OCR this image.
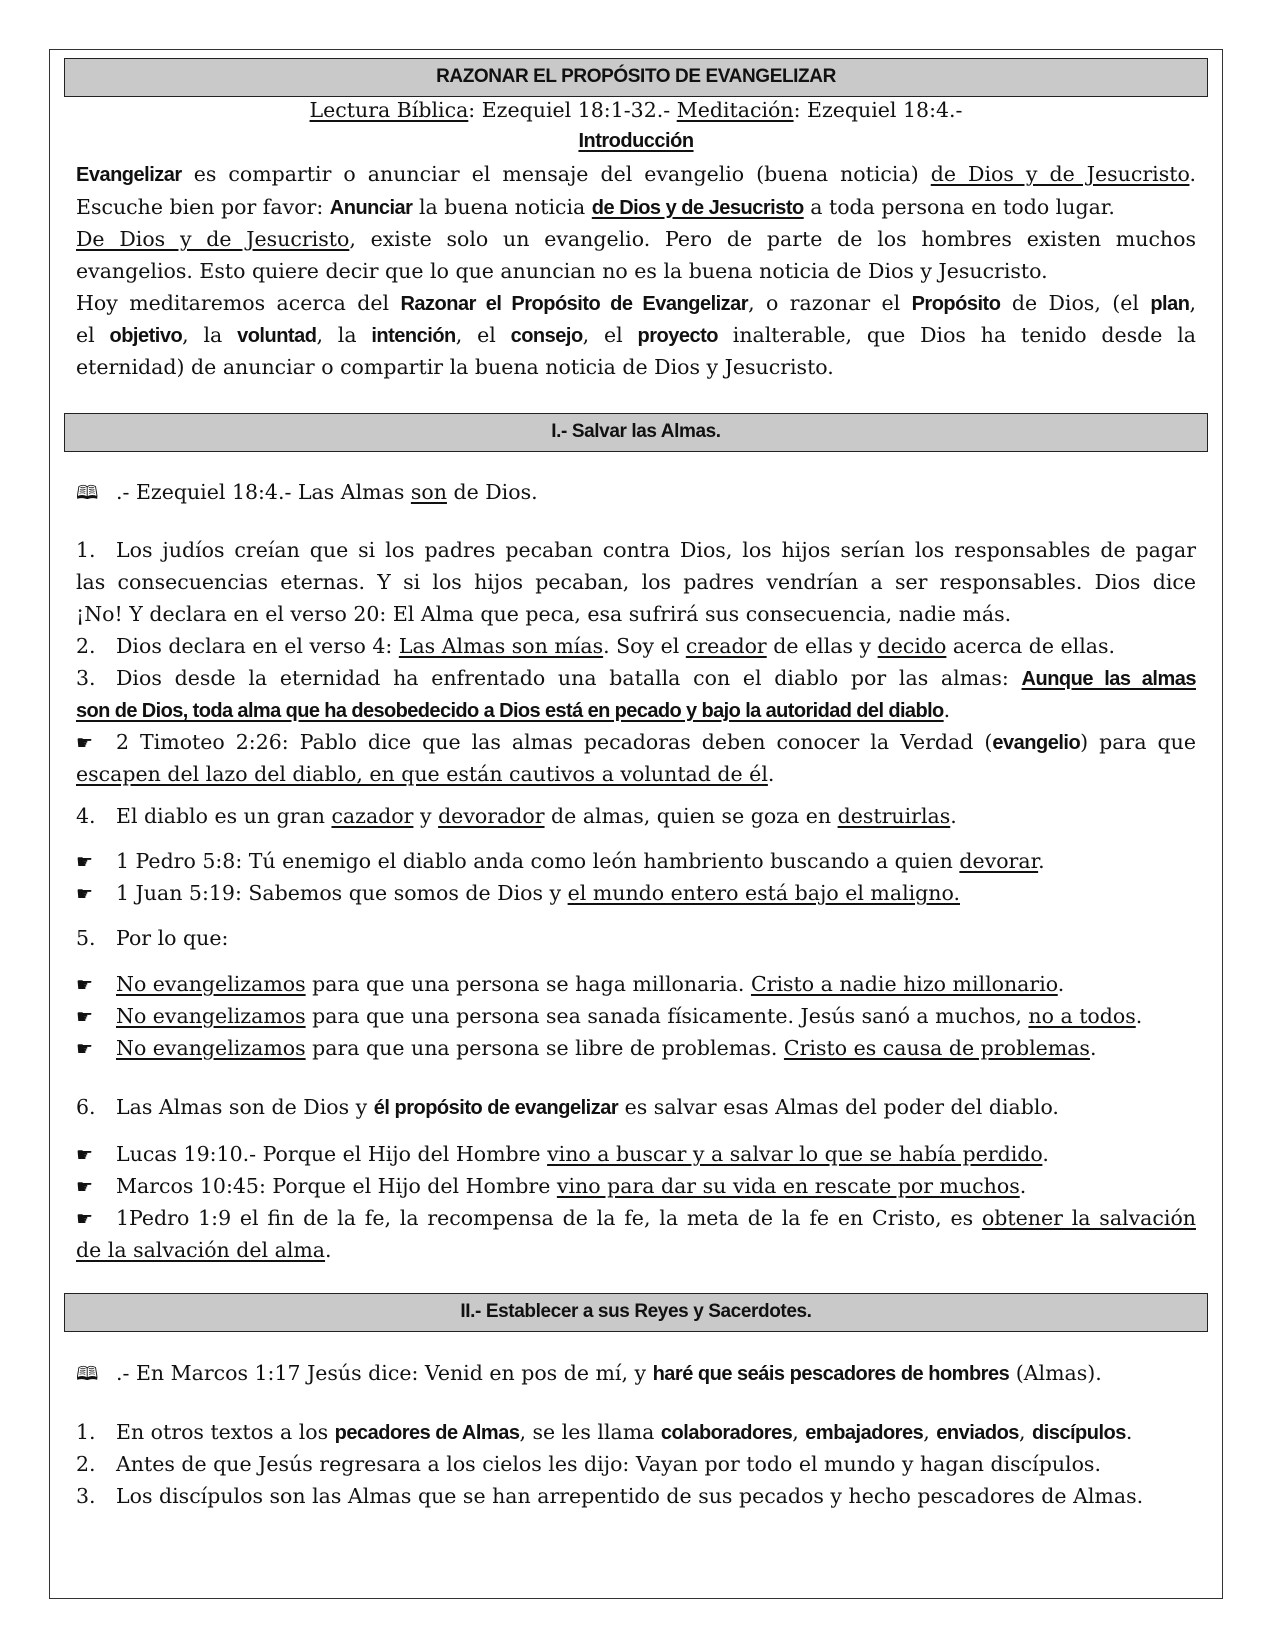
RAZONAR EL PROPÓSITO DE EVANGELIZAR
Lectura Bíblica: Ezequiel 18:1-32.- Meditación: Ezequiel 18:4.-
Introducción
Evangelizar es compartir o anunciar el mensaje del evangelio (buena noticia) de Dios y de Jesucristo.
Escuche bien por favor: Anunciar la buena noticia de Dios y de Jesucristo a toda persona en todo lugar.
De Dios y de Jesucristo, existe solo un evangelio. Pero de parte de los hombres existen muchos
evangelios. Esto quiere decir que lo que anuncian no es la buena noticia de Dios y Jesucristo.
Hoy meditaremos acerca del Razonar el Propósito de Evangelizar, o razonar el Propósito de Dios, (el plan,
el objetivo, la voluntad, la intención, el consejo, el proyecto inalterable, que Dios ha tenido desde la
eternidad) de anunciar o compartir la buena noticia de Dios y Jesucristo.
I.- Salvar las Almas.
🕮 .- Ezequiel 18:4.- Las Almas son de Dios.
1. Los judíos creían que si los padres pecaban contra Dios, los hijos serían los responsables de pagar
las consecuencias eternas. Y si los hijos pecaban, los padres vendrían a ser responsables. Dios dice
¡No! Y declara en el verso 20: El Alma que peca, esa sufrirá sus consecuencia, nadie más.
2. Dios declara en el verso 4: Las Almas son mías. Soy el creador de ellas y decido acerca de ellas.
3. Dios desde la eternidad ha enfrentado una batalla con el diablo por las almas: Aunque las almas
son de Dios, toda alma que ha desobedecido a Dios está en pecado y bajo la autoridad del diablo.
☛ 2 Timoteo 2:26: Pablo dice que las almas pecadoras deben conocer la Verdad (evangelio) para que
escapen del lazo del diablo, en que están cautivos a voluntad de él.
4. El diablo es un gran cazador y devorador de almas, quien se goza en destruirlas.
☛ 1 Pedro 5:8: Tú enemigo el diablo anda como león hambriento buscando a quien devorar.
☛ 1 Juan 5:19: Sabemos que somos de Dios y el mundo entero está bajo el maligno.
5. Por lo que:
☛ No evangelizamos para que una persona se haga millonaria. Cristo a nadie hizo millonario.
☛ No evangelizamos para que una persona sea sanada físicamente. Jesús sanó a muchos, no a todos.
☛ No evangelizamos para que una persona se libre de problemas. Cristo es causa de problemas.
6. Las Almas son de Dios y él propósito de evangelizar es salvar esas Almas del poder del diablo.
☛ Lucas 19:10.- Porque el Hijo del Hombre vino a buscar y a salvar lo que se había perdido.
☛ Marcos 10:45: Porque el Hijo del Hombre vino para dar su vida en rescate por muchos.
☛ 1Pedro 1:9 el fin de la fe, la recompensa de la fe, la meta de la fe en Cristo, es obtener la salvación
de la salvación del alma.
II.- Establecer a sus Reyes y Sacerdotes.
🕮 .- En Marcos 1:17 Jesús dice: Venid en pos de mí, y haré que seáis pescadores de hombres (Almas).
1. En otros textos a los pecadores de Almas, se les llama colaboradores, embajadores, enviados, discípulos.
2. Antes de que Jesús regresara a los cielos les dijo: Vayan por todo el mundo y hagan discípulos.
3. Los discípulos son las Almas que se han arrepentido de sus pecados y hecho pescadores de Almas.
